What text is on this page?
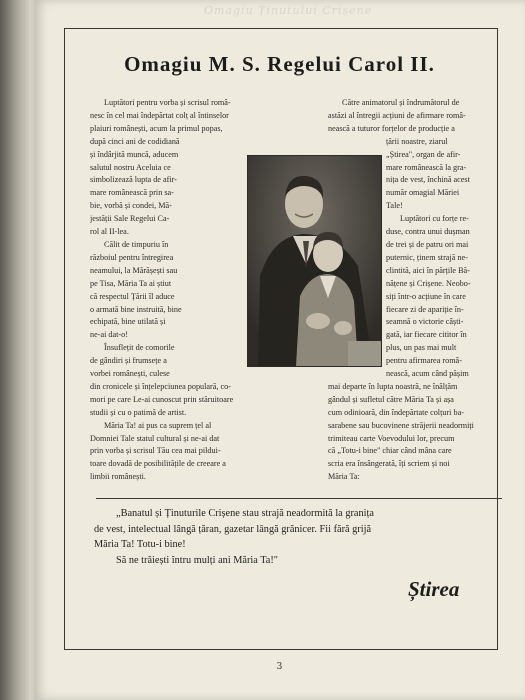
Omagiu Ținutului Crișene
Omagiu M. S. Regelui Carol II.
Luptători pentru vorba și scrisul româ-
nesc în cel mai îndepărtat colț al întinselor
plaiuri românești, acum la primul popas,
după cinci ani de codidiană
și îndârjită muncă, aducem
salutul nostru Aceluia ce
simbolizează lupta de afir-
mare românească prin sa-
bie, vorbă și condei, Mă-
jestății Sale Regelui Ca-
rol al II-lea.
Călit de timpuriu în
războiul pentru întregirea
neamului, la Mărășești sau
pe Tisa, Măria Ta ai știut
că respectul Țării îl aduce
o armată bine instruită, bine
echipată, bine utilată și
ne-ai dat-o!
Însuflețit de comorile
de gândiri și frumsețe a
vorbei românești, culese
din cronicele și înțelepciunea populară, co-
mori pe care Le-ai cunoscut prin stăruitoare
studii și cu o patimă de artist.
Măria Ta! ai pus ca suprem țel al
Domniei Tale statul cultural și ne-ai dat
prin vorba și scrisul Tău cea mai pildui-
toare dovadă de posibilitățile de creeare a
limbii românești.
Către animatorul și îndrumătorul de
astăzi al întregii acțiuni de afirmare româ-
nească a tuturor forțelor de producție a
țării noastre, ziarul
„Știrea", organ de afir-
mare românească la gra-
nița de vest, închină acest
număr omagial Măriei
Tale!
Luptători cu forțe re-
duse, contra unui dușman
de trei și de patru ori mai
puternic, ținem strajă ne-
clintită, aici în părțile Bă-
nățene și Crișene. Neobo-
siți într-o acțiune în care
fiecare zi de apariție în-
seamnă o victorie câști-
gată, iar fiecare cititor în
plus, un pas mai mult
pentru afirmarea româ-
nească, acum când pășim
mai departe în lupta noastră, ne înălțăm
gândul și sufletul către Măria Ta și așa
cum odinioară, din îndepărtate colțuri ba-
sarabene sau bucovinene străjerii neadormiți
trimiteau carte Voevodului lor, precum
că „Totu-i bine" chiar când mâna care
scria era însângerată, îți scriem și noi
Măria Ta:
„Banatul și Ținuturile Crișene stau strajă neadormită la granița
de vest, intelectual lângă țăran, gazetar lângă grănicer. Fii fără grijă
Măria Ta! Totu-i bine!
Să ne trăiești întru mulți ani Măria Ta!"
Știrea
3
